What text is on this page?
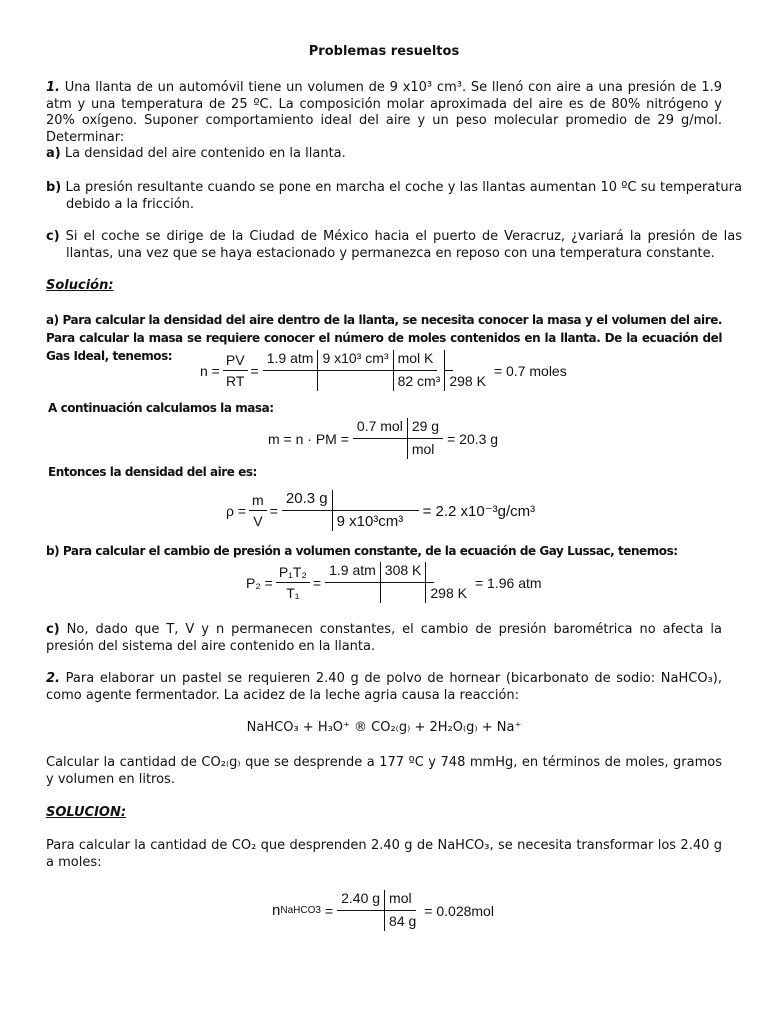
Problemas resueltos
1. Una llanta de un automóvil tiene un volumen de 9 x10³ cm³. Se llenó con aire a una presión de 1.9 atm y una temperatura de 25 ºC. La composición molar aproximada del aire es de 80% nitrógeno y 20% oxígeno. Suponer comportamiento ideal del aire y un peso molecular promedio de 29 g/mol. Determinar:
a) La densidad del aire contenido en la llanta.
b) La presión resultante cuando se pone en marcha el coche y las llantas aumentan 10 ºC su temperatura debido a la fricción.
c) Si el coche se dirige de la Ciudad de México hacia el puerto de Veracruz, ¿variará la presión de las llantas, una vez que se haya estacionado y permanezca en reposo con una temperatura constante.
Solución:
a) Para calcular la densidad del aire dentro de la llanta, se necesita conocer la masa y el volumen del aire. Para calcular la masa se requiere conocer el número de moles contenidos en la llanta. De la ecuación del Gas Ideal, tenemos:
$n = \frac{PV}{RT}$ =
1.9 atm 9 x10³ cm³ mol K
82 cm³ 298 K
= 0.7 moles
A continuación calculamos la masa:
m = n · PM =
0.7 mol 29 g
mol
= 20.3 g
Entonces la densidad del aire es:
$\rho = \frac{m}{V}$ =
20.3 g
9 x10³cm³
= 2.2 x10⁻³g/cm³
b) Para calcular el cambio de presión a volumen constante, de la ecuación de Gay Lussac, tenemos:
$P_2 = \frac{\text{P₁T₂}}{\text{T₁}}$ =
1.9 atm 308 K
298 K
= 1.96 atm
c) No, dado que T, V y n permanecen constantes, el cambio de presión barométrica no afecta la presión del sistema del aire contenido en la llanta.
2. Para elaborar un pastel se requieren 2.40 g de polvo de hornear (bicarbonato de sodio: NaHCO₃), como agente fermentador. La acidez de la leche agria causa la reacción:
NaHCO₃ + H₃O⁺ ® CO₂₍g₎ + 2H₂O₍g₎ + Na⁺
Calcular la cantidad de CO₂₍g₎ que se desprende a 177 ºC y 748 mmHg, en términos de moles, gramos y volumen en litros.
SOLUCION:
Para calcular la cantidad de CO₂ que desprenden 2.40 g de NaHCO₃, se necesita transformar los 2.40 g a moles:
n NaHCO3 =
2.40 g mol
84 g
= 0.028mol
